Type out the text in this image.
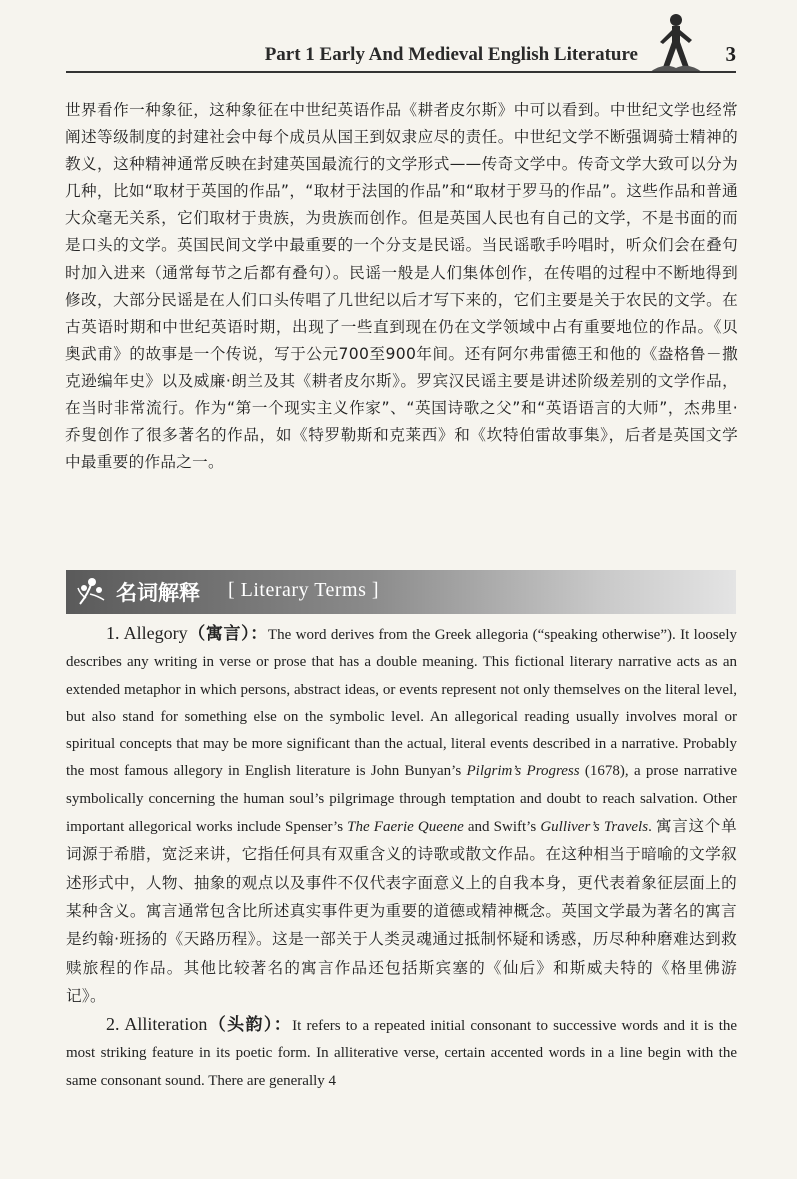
Part 1 Early And Medieval English Literature	3

世界看作一种象征，这种象征在中世纪英语作品《耕者皮尔斯》中可以看到。中世纪文学也经常阐述等级制度的封建社会中每个成员从国王到奴隶应尽的责任。中世纪文学不断强调骑士精神的教义，这种精神通常反映在封建英国最流行的文学形式——传奇文学中。传奇文学大致可以分为几种，比如“取材于英国的作品”，“取材于法国的作品”和“取材于罗马的作品”。这些作品和普通大众毫无关系，它们取材于贵族，为贵族而创作。但是英国人民也有自己的文学，不是书面的而是口头的文学。英国民间文学中最重要的一个分支是民谣。当民谣歌手吟唱时，听众们会在叠句时加入进来（通常每节之后都有叠句）。民谣一般是人们集体创作，在传唱的过程中不断地得到修改，大部分民谣是在人们口头传唱了几世纪以后才写下来的，它们主要是关于农民的文学。在古英语时期和中世纪英语时期，出现了一些直到现在仍在文学领域中占有重要地位的作品。《贝奥武甫》的故事是一个传说，写于公元700至900年间。还有阿尔弗雷德王和他的《盎格鲁－撒克逊编年史》以及威廉·朗兰及其《耕者皮尔斯》。罗宾汉民谣主要是讲述阶级差别的文学作品，在当时非常流行。作为“第一个现实主义作家”、“英国诗歌之父”和“英语语言的大师”，杰弗里·乔叟创作了很多著名的作品，如《特罗勒斯和克莱西》和《坎特伯雷故事集》，后者是英国文学中最重要的作品之一。

名词解释 [ Literary Terms ]

1. Allegory（寓言）：The word derives from the Greek allegoria (“speaking otherwise”). It loosely describes any writing in verse or prose that has a double meaning. This fictional literary narrative acts as an extended metaphor in which persons, abstract ideas, or events represent not only themselves on the literal level, but also stand for something else on the symbolic level. An allegorical reading usually involves moral or spiritual concepts that may be more significant than the actual, literal events described in a narrative. Probably the most famous allegory in English literature is John Bunyan’s Pilgrim’s Progress (1678), a prose narrative symbolically concerning the human soul’s pilgrimage through temptation and doubt to reach salvation. Other important allegorical works include Spenser’s The Faerie Queene and Swift’s Gulliver’s Travels. 寓言这个单词源于希腊，宽泛来讲，它指任何具有双重含义的诗歌或散文作品。在这种相当于暗喻的文学叙述形式中，人物、抽象的观点以及事件不仅代表字面意义上的自我本身，更代表着象征层面上的某种含义。寓言通常包含比所述真实事件更为重要的道德或精神概念。英国文学最为著名的寓言是约翰·班扬的《天路历程》。这是一部关于人类灵魂通过抵制怀疑和诱惑，历尽种种磨难达到救赎旅程的作品。其他比较著名的寓言作品还包括斯宾塞的《仙后》和斯威夫特的《格里佛游记》。

2. Alliteration（头韵）：It refers to a repeated initial consonant to successive words and it is the most striking feature in its poetic form. In alliterative verse, certain accented words in a line begin with the same consonant sound. There are generally 4
